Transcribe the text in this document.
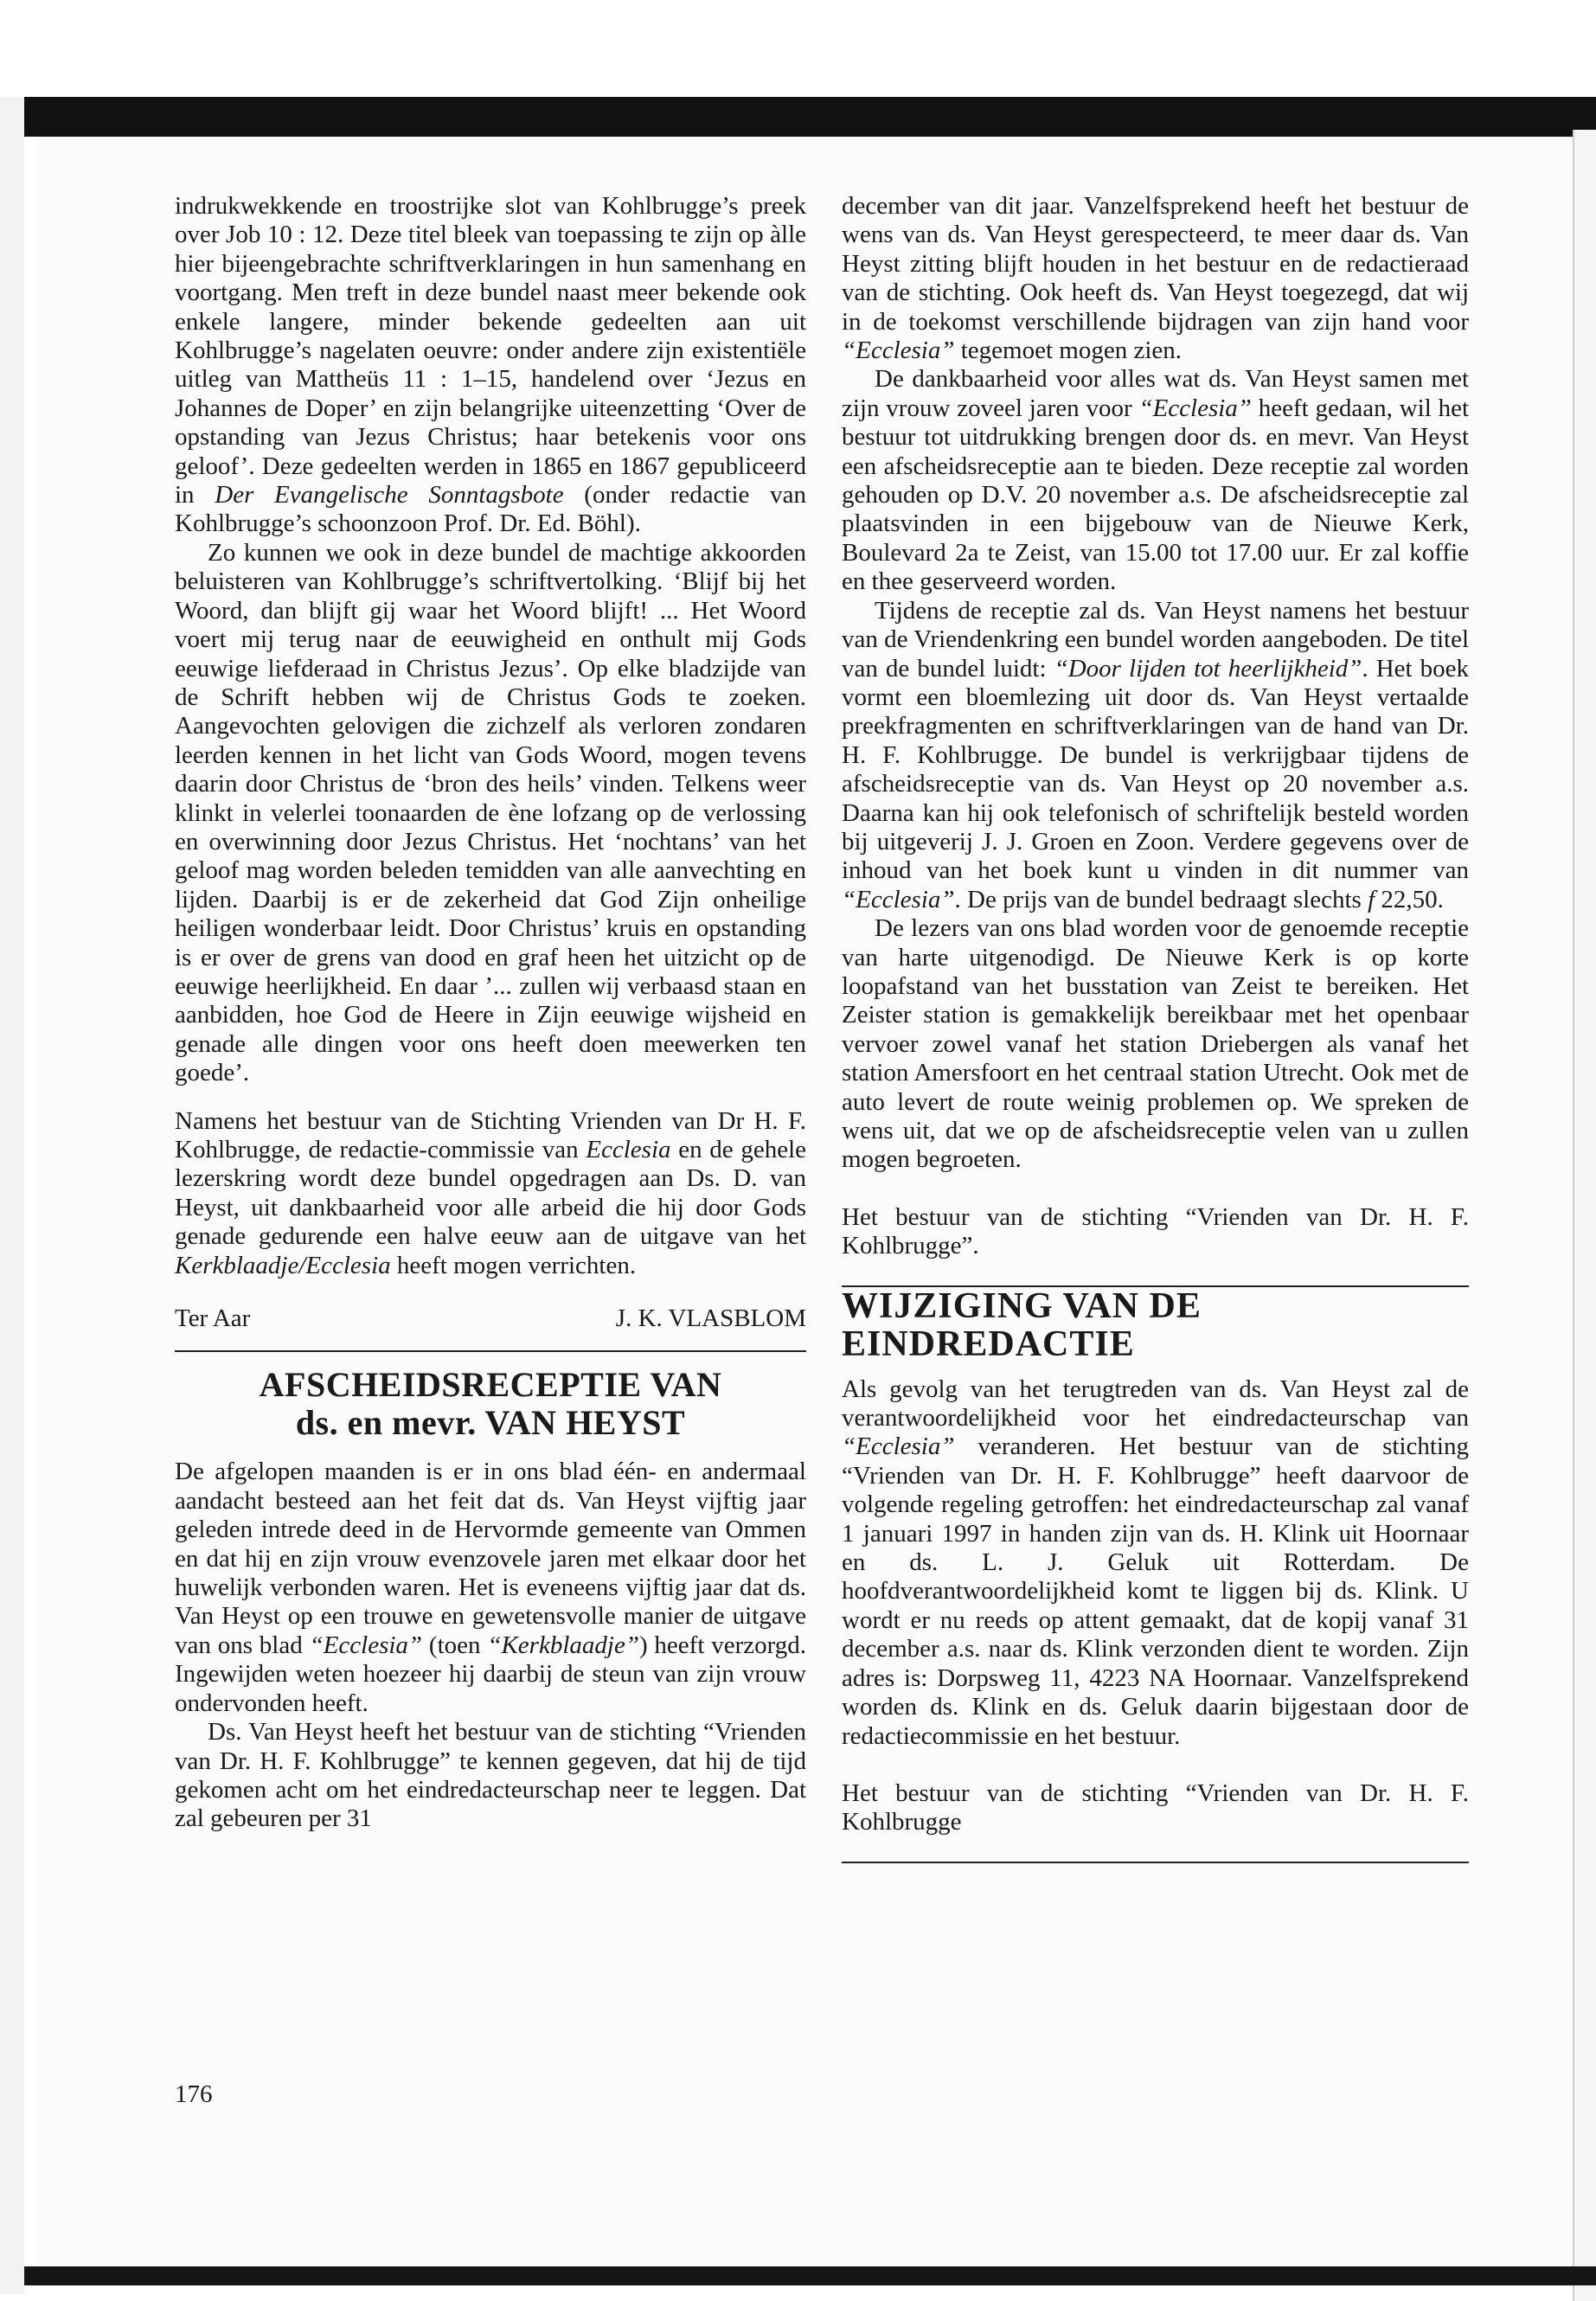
indrukwekkende en troostrijke slot van Kohlbrugge’s preek over Job 10 : 12. Deze titel bleek van toepassing te zijn op àlle hier bijeengebrachte schriftverklaringen in hun samenhang en voortgang. Men treft in deze bundel naast meer bekende ook enkele langere, minder bekende gedeelten aan uit Kohlbrugge’s nagelaten oeuvre: onder andere zijn existentiële uitleg van Mattheüs 11 : 1–15, handelend over ‘Jezus en Johannes de Doper’ en zijn belangrijke uiteenzetting ‘Over de opstanding van Jezus Christus; haar betekenis voor ons geloof’. Deze gedeelten werden in 1865 en 1867 gepubliceerd in Der Evangelische Sonntagsbote (onder redactie van Kohlbrugge’s schoonzoon Prof. Dr. Ed. Böhl).

Zo kunnen we ook in deze bundel de machtige akkoorden beluisteren van Kohlbrugge’s schriftvertolking. ‘Blijf bij het Woord, dan blijft gij waar het Woord blijft! ... Het Woord voert mij terug naar de eeuwigheid en onthult mij Gods eeuwige liefderaad in Christus Jezus’. Op elke bladzijde van de Schrift hebben wij de Christus Gods te zoeken. Aangevochten gelovigen die zichzelf als verloren zondaren leerden kennen in het licht van Gods Woord, mogen tevens daarin door Christus de ‘bron des heils’ vinden. Telkens weer klinkt in velerlei toonaarden de ène lofzang op de verlossing en overwinning door Jezus Christus. Het ‘nochtans’ van het geloof mag worden beleden temidden van alle aanvechting en lijden. Daarbij is er de zekerheid dat God Zijn onheilige heiligen wonderbaar leidt. Door Christus’ kruis en opstanding is er over de grens van dood en graf heen het uitzicht op de eeuwige heerlijkheid. En daar ’... zullen wij verbaasd staan en aanbidden, hoe God de Heere in Zijn eeuwige wijsheid en genade alle dingen voor ons heeft doen meewerken ten goede’.

Namens het bestuur van de Stichting Vrienden van Dr H. F. Kohlbrugge, de redactie-commissie van Ecclesia en de gehele lezerskring wordt deze bundel opgedragen aan Ds. D. van Heyst, uit dankbaarheid voor alle arbeid die hij door Gods genade gedurende een halve eeuw aan de uitgave van het Kerkblaadje/Ecclesia heeft mogen verrichten.

Ter Aar	J. K. VLASBLOM
AFSCHEIDSRECEPTIE VAN
ds. en mevr. VAN HEYST

De afgelopen maanden is er in ons blad één- en andermaal aandacht besteed aan het feit dat ds. Van Heyst vijftig jaar geleden intrede deed in de Hervormde gemeente van Ommen en dat hij en zijn vrouw evenzovele jaren met elkaar door het huwelijk verbonden waren. Het is eveneens vijftig jaar dat ds. Van Heyst op een trouwe en gewetensvolle manier de uitgave van ons blad “Ecclesia” (toen “Kerkblaadje”) heeft verzorgd. Ingewijden weten hoezeer hij daarbij de steun van zijn vrouw ondervonden heeft.

Ds. Van Heyst heeft het bestuur van de stichting “Vrienden van Dr. H. F. Kohlbrugge” te kennen gegeven, dat hij de tijd gekomen acht om het eindredacteurschap neer te leggen. Dat zal gebeuren per 31

december van dit jaar. Vanzelfsprekend heeft het bestuur de wens van ds. Van Heyst gerespecteerd, te meer daar ds. Van Heyst zitting blijft houden in het bestuur en de redactieraad van de stichting. Ook heeft ds. Van Heyst toegezegd, dat wij in de toekomst verschillende bijdragen van zijn hand voor “Ecclesia” tegemoet mogen zien.

De dankbaarheid voor alles wat ds. Van Heyst samen met zijn vrouw zoveel jaren voor “Ecclesia” heeft gedaan, wil het bestuur tot uitdrukking brengen door ds. en mevr. Van Heyst een afscheidsreceptie aan te bieden. Deze receptie zal worden gehouden op D.V. 20 november a.s. De afscheidsreceptie zal plaatsvinden in een bijgebouw van de Nieuwe Kerk, Boulevard 2a te Zeist, van 15.00 tot 17.00 uur. Er zal koffie en thee geserveerd worden.

Tijdens de receptie zal ds. Van Heyst namens het bestuur van de Vriendenkring een bundel worden aangeboden. De titel van de bundel luidt: “Door lijden tot heerlijkheid”. Het boek vormt een bloemlezing uit door ds. Van Heyst vertaalde preekfragmenten en schriftverklaringen van de hand van Dr. H. F. Kohlbrugge. De bundel is verkrijgbaar tijdens de afscheidsreceptie van ds. Van Heyst op 20 november a.s. Daarna kan hij ook telefonisch of schriftelijk besteld worden bij uitgeverij J. J. Groen en Zoon. Verdere gegevens over de inhoud van het boek kunt u vinden in dit nummer van “Ecclesia”. De prijs van de bundel bedraagt slechts f 22,50.

De lezers van ons blad worden voor de genoemde receptie van harte uitgenodigd. De Nieuwe Kerk is op korte loopafstand van het busstation van Zeist te bereiken. Het Zeister station is gemakkelijk bereikbaar met het openbaar vervoer zowel vanaf het station Driebergen als vanaf het station Amersfoort en het centraal station Utrecht. Ook met de auto levert de route weinig problemen op. We spreken de wens uit, dat we op de afscheidsreceptie velen van u zullen mogen begroeten.

Het bestuur van de stichting “Vrienden van Dr. H. F. Kohlbrugge”.

WIJZIGING VAN DE EINDREDACTIE

Als gevolg van het terugtreden van ds. Van Heyst zal de verantwoordelijkheid voor het eindredacteurschap van “Ecclesia” veranderen. Het bestuur van de stichting “Vrienden van Dr. H. F. Kohlbrugge” heeft daarvoor de volgende regeling getroffen: het eindredacteurschap zal vanaf 1 januari 1997 in handen zijn van ds. H. Klink uit Hoornaar en ds. L. J. Geluk uit Rotterdam. De hoofdverantwoordelijkheid komt te liggen bij ds. Klink. U wordt er nu reeds op attent gemaakt, dat de kopij vanaf 31 december a.s. naar ds. Klink verzonden dient te worden. Zijn adres is: Dorpsweg 11, 4223 NA Hoornaar. Vanzelfsprekend worden ds. Klink en ds. Geluk daarin bijgestaan door de redactiecommissie en het bestuur.

Het bestuur van de stichting “Vrienden van Dr. H. F. Kohlbrugge

176
